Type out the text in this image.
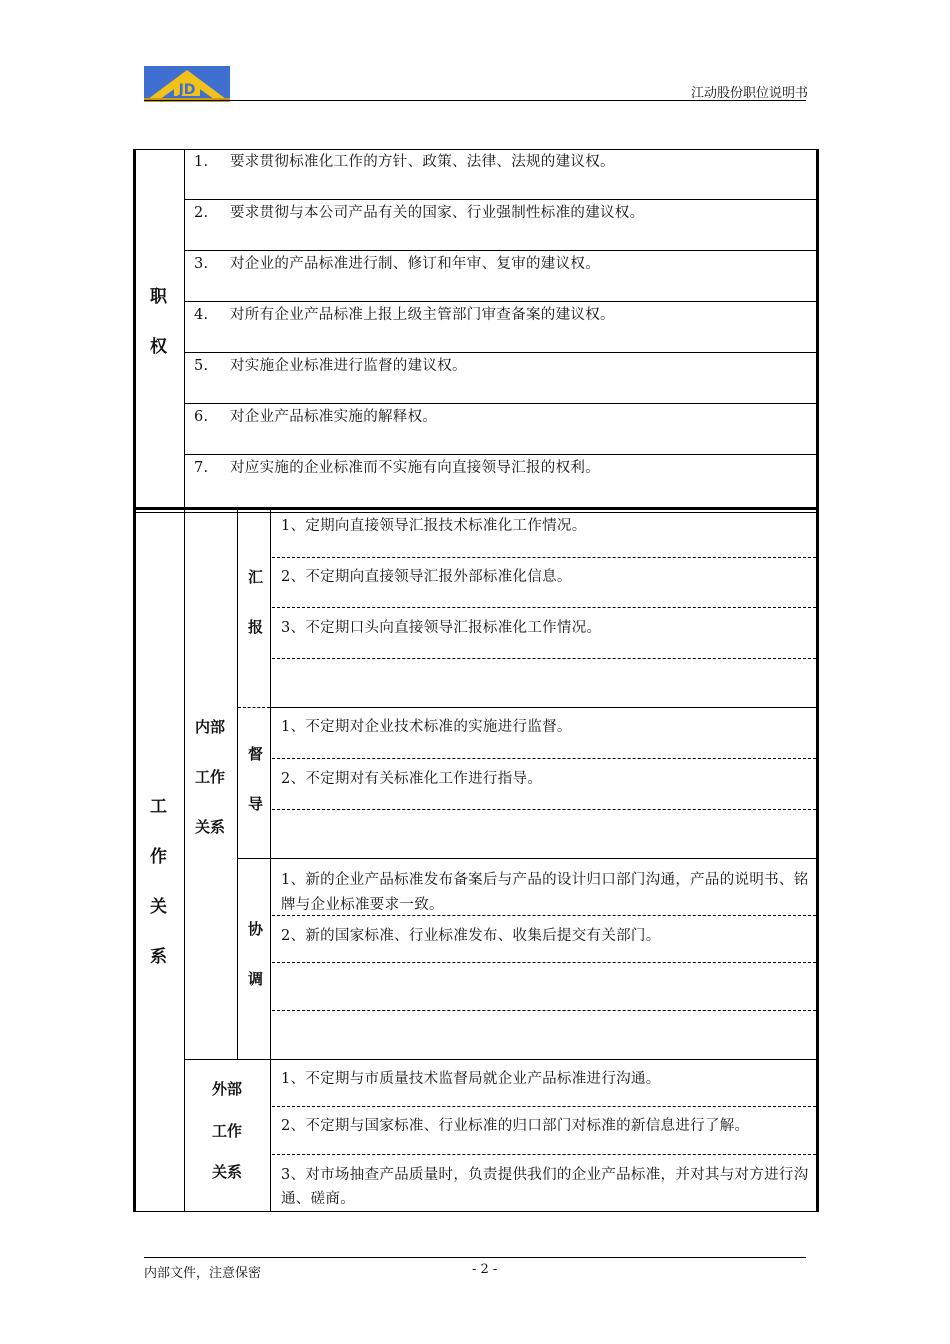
JD	江动股份职位说明书
职
权
1. 要求贯彻标准化工作的方针、政策、法律、法规的建议权。
2. 要求贯彻与本公司产品有关的国家、行业强制性标准的建议权。
3. 对企业的产品标准进行制、修订和年审、复审的建议权。
4. 对所有企业产品标准上报上级主管部门审查备案的建议权。
5. 对实施企业标准进行监督的建议权。
6. 对企业产品标准实施的解释权。
7. 对应实施的企业标准而不实施有向直接领导汇报的权利。
工
作
关
系
内部
工作
关系
汇
报
1、定期向直接领导汇报技术标准化工作情况。
2、不定期向直接领导汇报外部标准化信息。
3、不定期口头向直接领导汇报标准化工作情况。
督
导
1、不定期对企业技术标准的实施进行监督。
2、不定期对有关标准化工作进行指导。
协
调
1、新的企业产品标准发布备案后与产品的设计归口部门沟通，产品的说明书、铭牌与企业标准要求一致。
2、新的国家标准、行业标准发布、收集后提交有关部门。
外部
工作
关系
1、不定期与市质量技术监督局就企业产品标准进行沟通。
2、不定期与国家标准、行业标准的归口部门对标准的新信息进行了解。
3、对市场抽查产品质量时，负责提供我们的企业产品标准，并对其与对方进行沟通、磋商。
内部文件，注意保密	- 2 -
